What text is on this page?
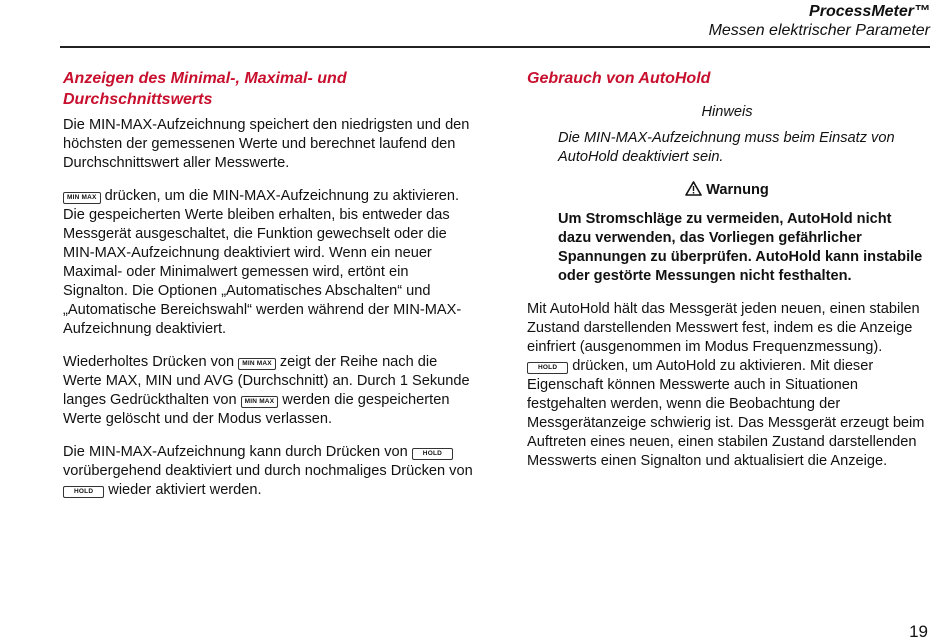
ProcessMeter™
Messen elektrischer Parameter
Anzeigen des Minimal-, Maximal- und Durchschnittswerts

Die MIN-MAX-Aufzeichnung speichert den niedrigsten und den höchsten der gemessenen Werte und berechnet laufend den Durchschnittswert aller Messwerte.

MIN MAX drücken, um die MIN-MAX-Aufzeichnung zu aktivieren. Die gespeicherten Werte bleiben erhalten, bis entweder das Messgerät ausgeschaltet, die Funktion gewechselt oder die MIN-MAX-Aufzeichnung deaktiviert wird. Wenn ein neuer Maximal- oder Minimalwert gemessen wird, ertönt ein Signalton. Die Optionen „Automatisches Abschalten“ und „Automatische Bereichswahl“ werden während der MIN-MAX-Aufzeichnung deaktiviert.

Wiederholtes Drücken von MIN MAX zeigt der Reihe nach die Werte MAX, MIN und AVG (Durchschnitt) an. Durch 1 Sekunde langes Gedrückthalten von MIN MAX werden die gespeicherten Werte gelöscht und der Modus verlassen.

Die MIN-MAX-Aufzeichnung kann durch Drücken von HOLD vorübergehend deaktiviert und durch nochmaliges Drücken von HOLD wieder aktiviert werden.

Gebrauch von AutoHold
Hinweis

Die MIN-MAX-Aufzeichnung muss beim Einsatz von AutoHold deaktiviert sein.

Warnung

Um Stromschläge zu vermeiden, AutoHold nicht dazu verwenden, das Vorliegen gefährlicher Spannungen zu überprüfen. AutoHold kann instabile oder gestörte Messungen nicht festhalten.

Mit AutoHold hält das Messgerät jeden neuen, einen stabilen Zustand darstellenden Messwert fest, indem es die Anzeige einfriert (ausgenommen im Modus Frequenzmessung). HOLD drücken, um AutoHold zu aktivieren. Mit dieser Eigenschaft können Messwerte auch in Situationen festgehalten werden, wenn die Beobachtung der Messgerätanzeige schwierig ist. Das Messgerät erzeugt beim Auftreten eines neuen, einen stabilen Zustand darstellenden Messwerts einen Signalton und aktualisiert die Anzeige.

19
